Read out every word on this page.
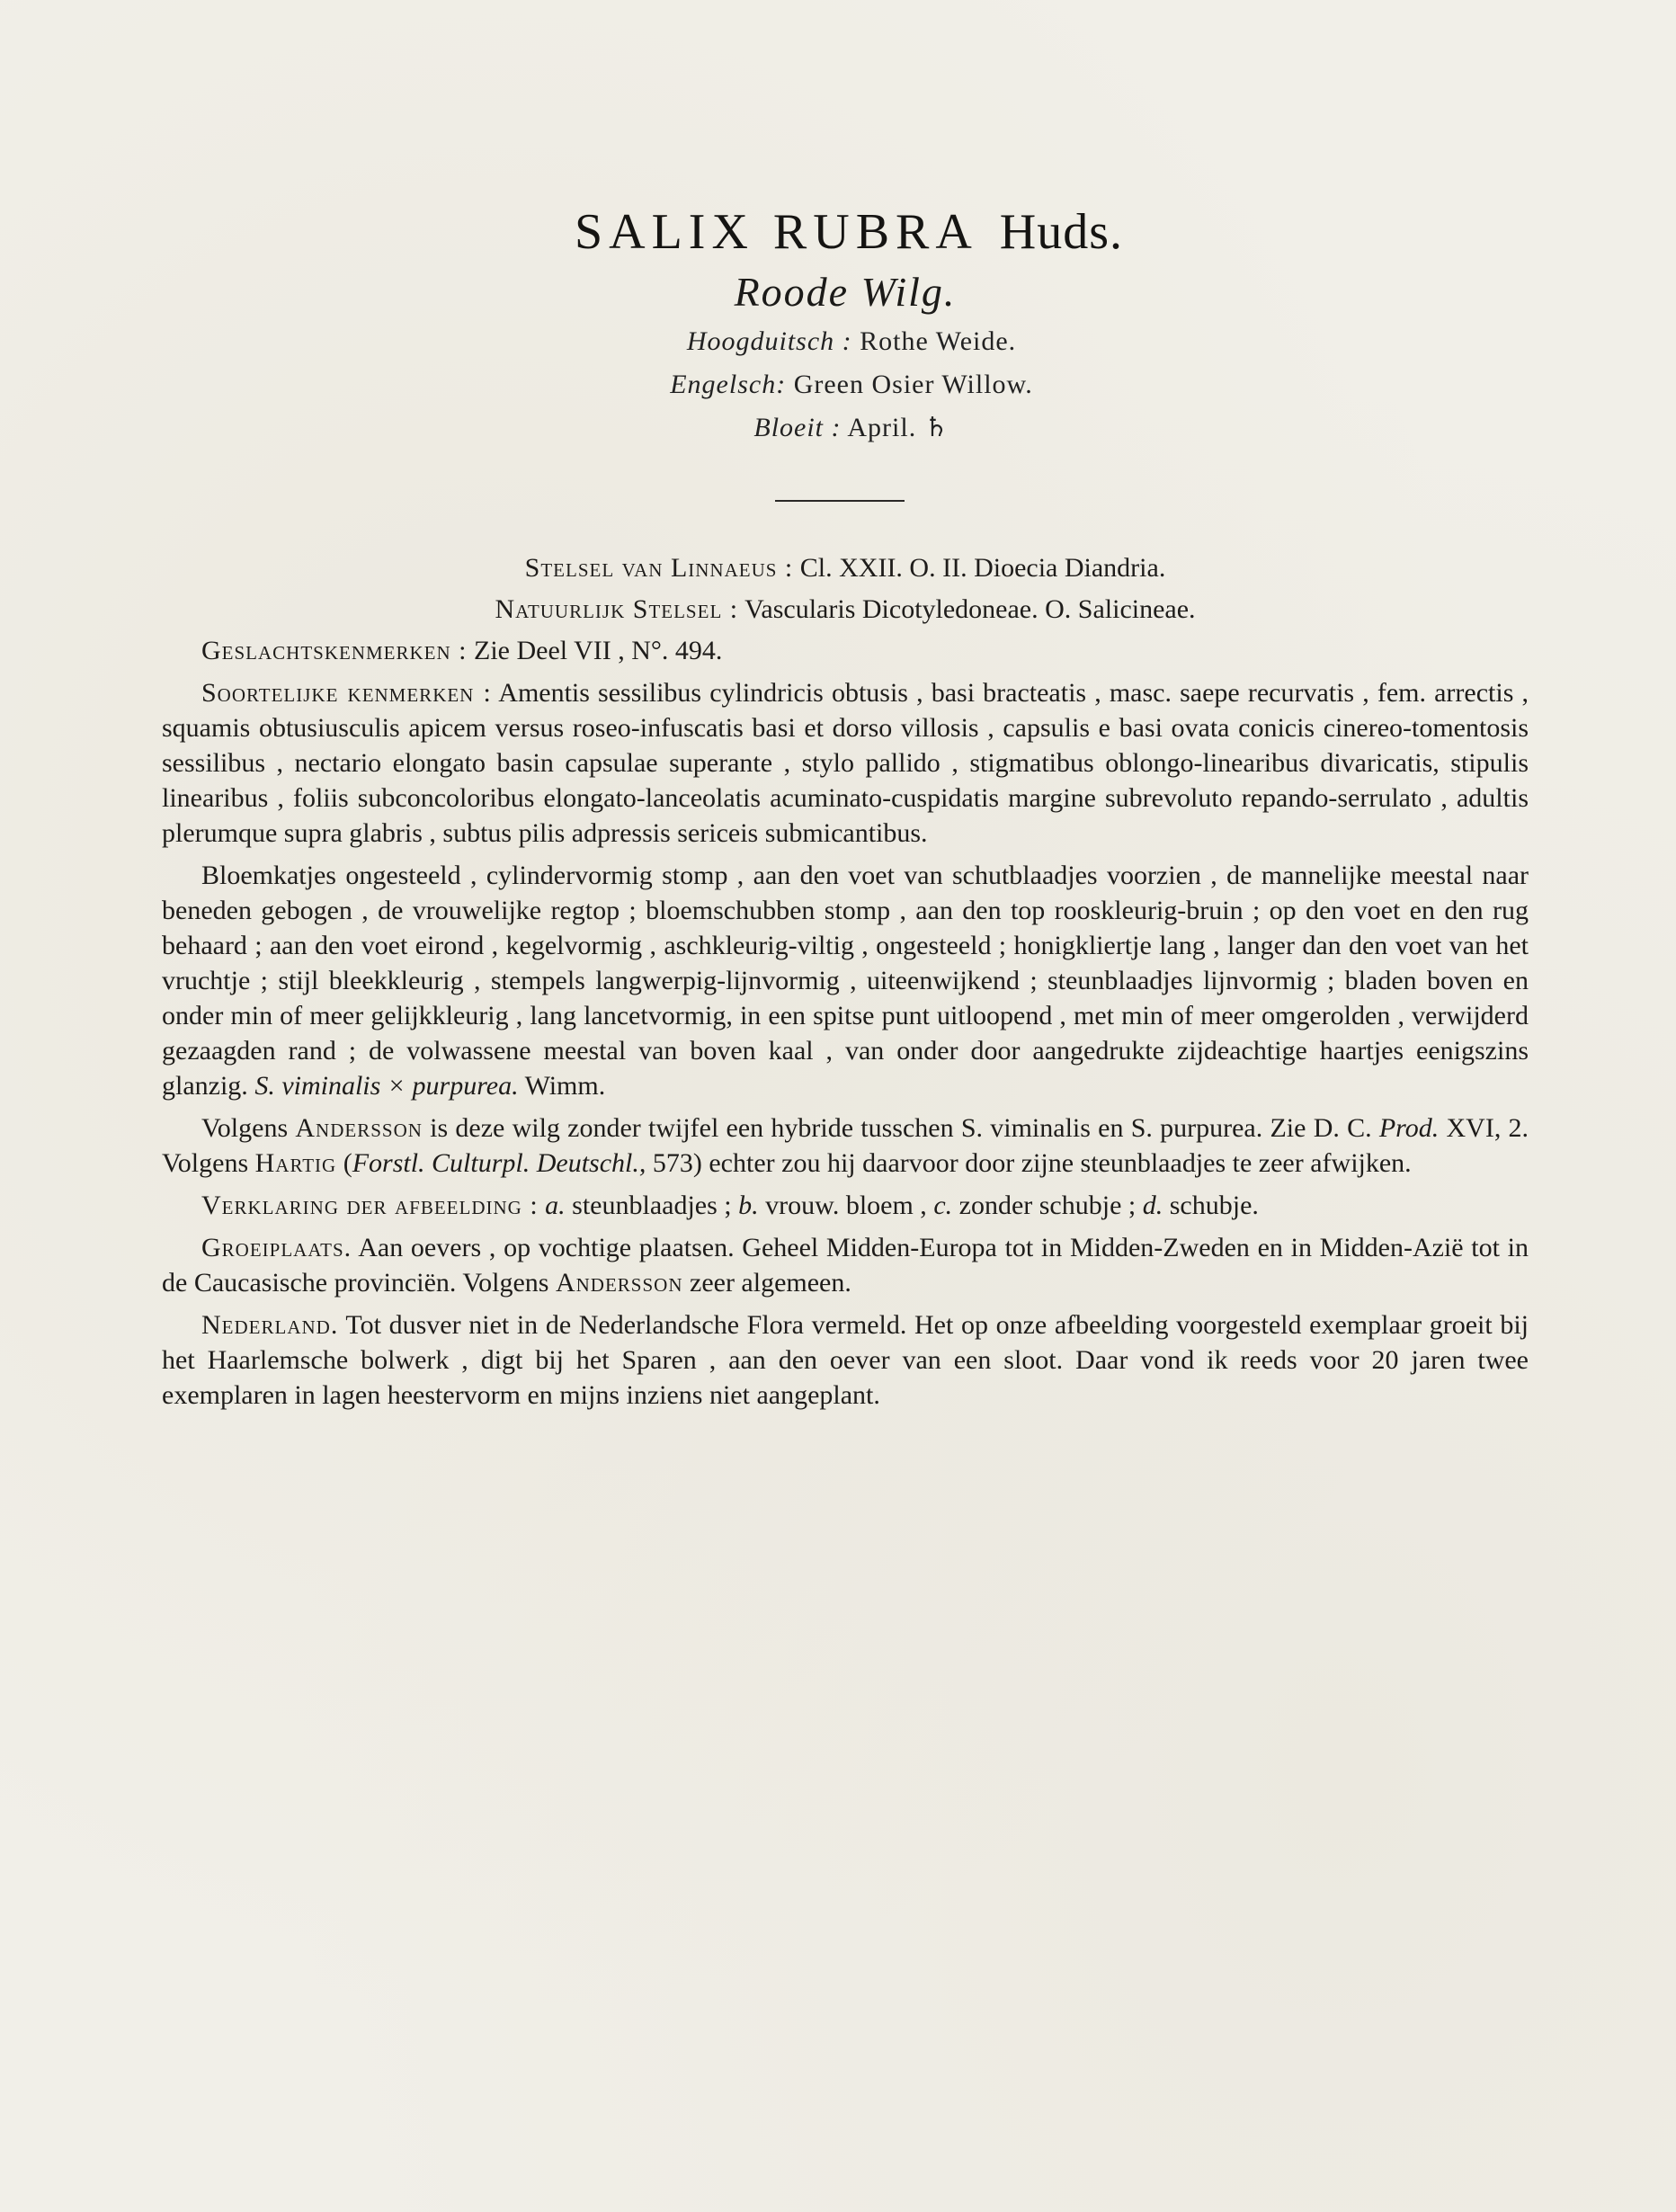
SALIX RUBRA Huds.
Roode Wilg.
Hoogduitsch : Rothe Weide.
Engelsch: Green Osier Willow.
Bloeit : April. ♄

Stelsel van Linnaeus : Cl. XXII. O. II. Dioecia Diandria.

Natuurlijk Stelsel : Vascularis Dicotyledoneae. O. Salicineae.

Geslachtskenmerken : Zie Deel VII , N°. 494.

Soortelijke kenmerken : Amentis sessilibus cylindricis obtusis , basi bracteatis , masc. saepe recurvatis , fem. arrectis , squamis obtusiusculis apicem versus roseo-infuscatis basi et dorso villosis , capsulis e basi ovata conicis cinereo-tomentosis sessilibus , nectario elongato basin capsulae superante , stylo pallido , stigmatibus oblongo-linearibus divaricatis, stipulis linearibus , foliis subconcoloribus elongato-lanceolatis acuminato-cuspidatis margine subrevoluto repando-serrulato , adultis plerumque supra glabris , subtus pilis adpressis sericeis submicantibus.

Bloemkatjes ongesteeld , cylindervormig stomp , aan den voet van schutblaadjes voorzien , de mannelijke meestal naar beneden gebogen , de vrouwelijke regtop ; bloemschubben stomp , aan den top rooskleurig-bruin ; op den voet en den rug behaard ; aan den voet eirond , kegelvormig , aschkleurig-viltig , ongesteeld ; honigkliertje lang , langer dan den voet van het vruchtje ; stijl bleekkleurig , stempels langwerpig-lijnvormig , uiteenwijkend ; steunblaadjes lijnvormig ; bladen boven en onder min of meer gelijkkleurig , lang lancetvormig, in een spitse punt uitloopend , met min of meer omgerolden , verwijderd gezaagden rand ; de volwassene meestal van boven kaal , van onder door aangedrukte zijdeachtige haartjes eenigszins glanzig. S. viminalis × purpurea. Wimm.

Volgens Andersson is deze wilg zonder twijfel een hybride tusschen S. viminalis en S. purpurea. Zie D. C. Prod. XVI, 2. Volgens Hartig (Forstl. Culturpl. Deutschl., 573) echter zou hij daarvoor door zijne steunblaadjes te zeer afwijken.

Verklaring der afbeelding : a. steunblaadjes ; b. vrouw. bloem , c. zonder schubje ; d. schubje.

Groeiplaats. Aan oevers , op vochtige plaatsen. Geheel Midden-Europa tot in Midden-Zweden en in Midden-Azië tot in de Caucasische provinciën. Volgens Andersson zeer algemeen.

Nederland. Tot dusver niet in de Nederlandsche Flora vermeld. Het op onze afbeelding voorgesteld exemplaar groeit bij het Haarlemsche bolwerk , digt bij het Sparen , aan den oever van een sloot. Daar vond ik reeds voor 20 jaren twee exemplaren in lagen heestervorm en mijns inziens niet aangeplant.
